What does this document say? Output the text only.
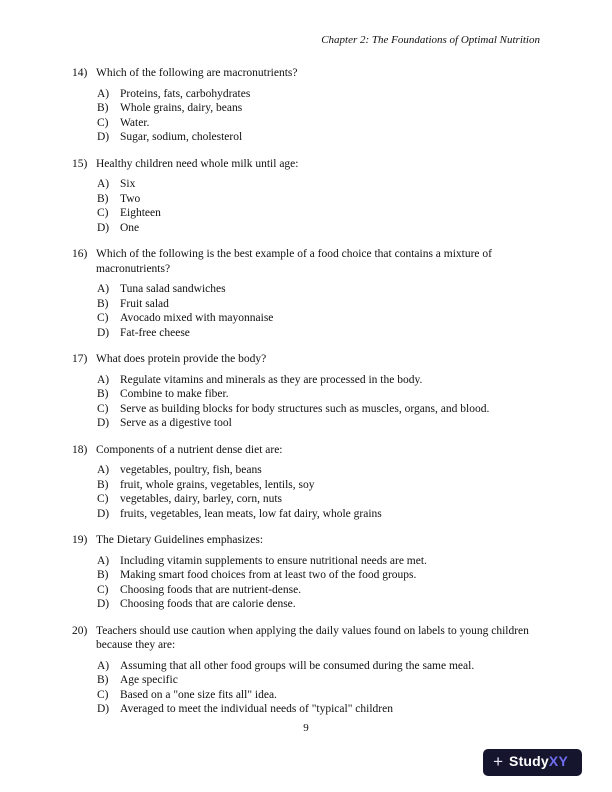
Chapter 2: The Foundations of Optimal Nutrition
14) Which of the following are macronutrients?
A) Proteins, fats, carbohydrates
B)	Whole grains, dairy, beans
C)	Water.
D) Sugar, sodium, cholesterol
15) Healthy children need whole milk until age:
A) Six
B)	Two
C)	Eighteen
D) One
16) Which of the following is the best example of a food choice that contains a mixture of macronutrients?
A) Tuna salad sandwiches
B)	Fruit salad
C)	Avocado mixed with mayonnaise
D) Fat-free cheese
17) What does protein provide the body?
A) Regulate vitamins and minerals as they are processed in the body.
B)	Combine to make fiber.
C)	Serve as building blocks for body structures such as muscles, organs, and blood.
D) Serve as a digestive tool
18) Components of a nutrient dense diet are:
A) vegetables, poultry, fish, beans
B)	fruit, whole grains, vegetables, lentils, soy
C)	vegetables, dairy, barley, corn, nuts
D) fruits, vegetables, lean meats, low fat dairy, whole grains
19) The Dietary Guidelines emphasizes:
A) Including vitamin supplements to ensure nutritional needs are met.
B)	Making smart food choices from at least two of the food groups.
C)	Choosing foods that are nutrient-dense.
D) Choosing foods that are calorie dense.
20) Teachers should use caution when applying the daily values found on labels to young children because they are:
A) Assuming that all other food groups will be consumed during the same meal.
B)	Age specific
C)	Based on a "one size fits all" idea.
D) Averaged to meet the individual needs of "typical" children
9
+ StudyXY
